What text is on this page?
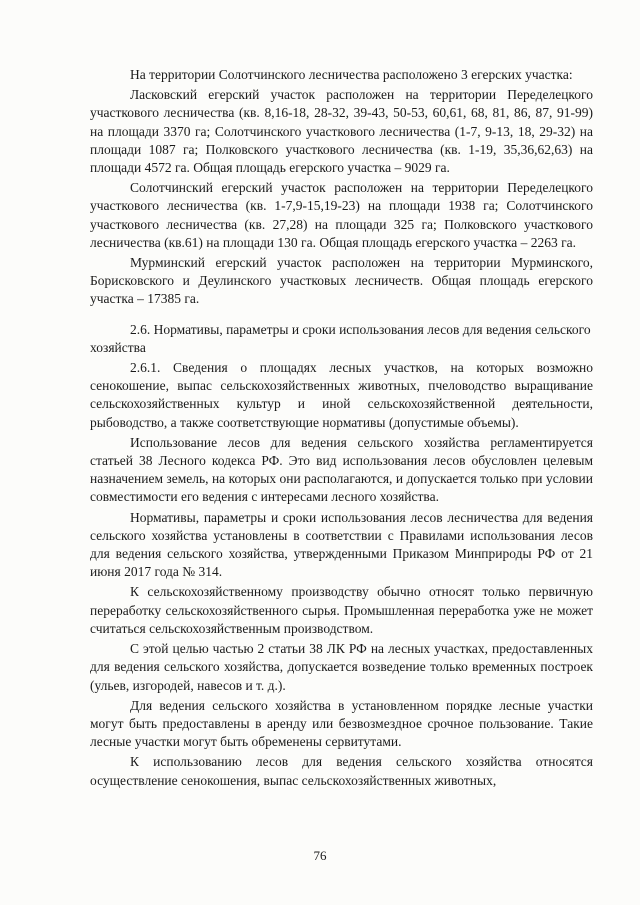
На территории Солотчинского лесничества расположено 3 егерских участка:

Ласковский егерский участок расположен на территории Переделецкого участкового лесничества (кв. 8,16-18, 28-32, 39-43, 50-53, 60,61, 68, 81, 86, 87, 91-99) на площади 3370 га; Солотчинского участкового лесничества (1-7, 9-13, 18, 29-32) на площади 1087 га; Полковского участкового лесничества (кв. 1-19, 35,36,62,63) на площади 4572 га. Общая площадь егерского участка – 9029 га.

Солотчинский егерский участок расположен на территории Переделецкого участкового лесничества (кв. 1-7,9-15,19-23) на площади 1938 га; Солотчинского участкового лесничества (кв. 27,28) на площади 325 га; Полковского участкового лесничества (кв.61) на площади 130 га. Общая площадь егерского участка – 2263 га.

Мурминский егерский участок расположен на территории Мурминского, Борисковского и Деулинского участковых лесничеств. Общая площадь егерского участка – 17385 га.

2.6. Нормативы, параметры и сроки использования лесов для ведения сельского хозяйства

2.6.1. Сведения о площадях лесных участков, на которых возможно сенокошение, выпас сельскохозяйственных животных, пчеловодство выращивание сельскохозяйственных культур и иной сельскохозяйственной деятельности, рыбоводство, а также соответствующие нормативы (допустимые объемы).

Использование лесов для ведения сельского хозяйства регламентируется статьей 38 Лесного кодекса РФ. Это вид использования лесов обусловлен целевым назначением земель, на которых они располагаются, и допускается только при условии совместимости его ведения с интересами лесного хозяйства.

Нормативы, параметры и сроки использования лесов лесничества для ведения сельского хозяйства установлены в соответствии с Правилами использования лесов для ведения сельского хозяйства, утвержденными Приказом Минприроды РФ от 21 июня 2017 года № 314.

К сельскохозяйственному производству обычно относят только первичную переработку сельскохозяйственного сырья. Промышленная переработка уже не может считаться сельскохозяйственным производством.

С этой целью частью 2 статьи 38 ЛК РФ на лесных участках, предоставленных для ведения сельского хозяйства, допускается возведение только временных построек (ульев, изгородей, навесов и т. д.).

Для ведения сельского хозяйства в установленном порядке лесные участки могут быть предоставлены в аренду или безвозмездное срочное пользование. Такие лесные участки могут быть обременены сервитутами.

К использованию лесов для ведения сельского хозяйства относятся осуществление сенокошения, выпас сельскохозяйственных животных,

76
